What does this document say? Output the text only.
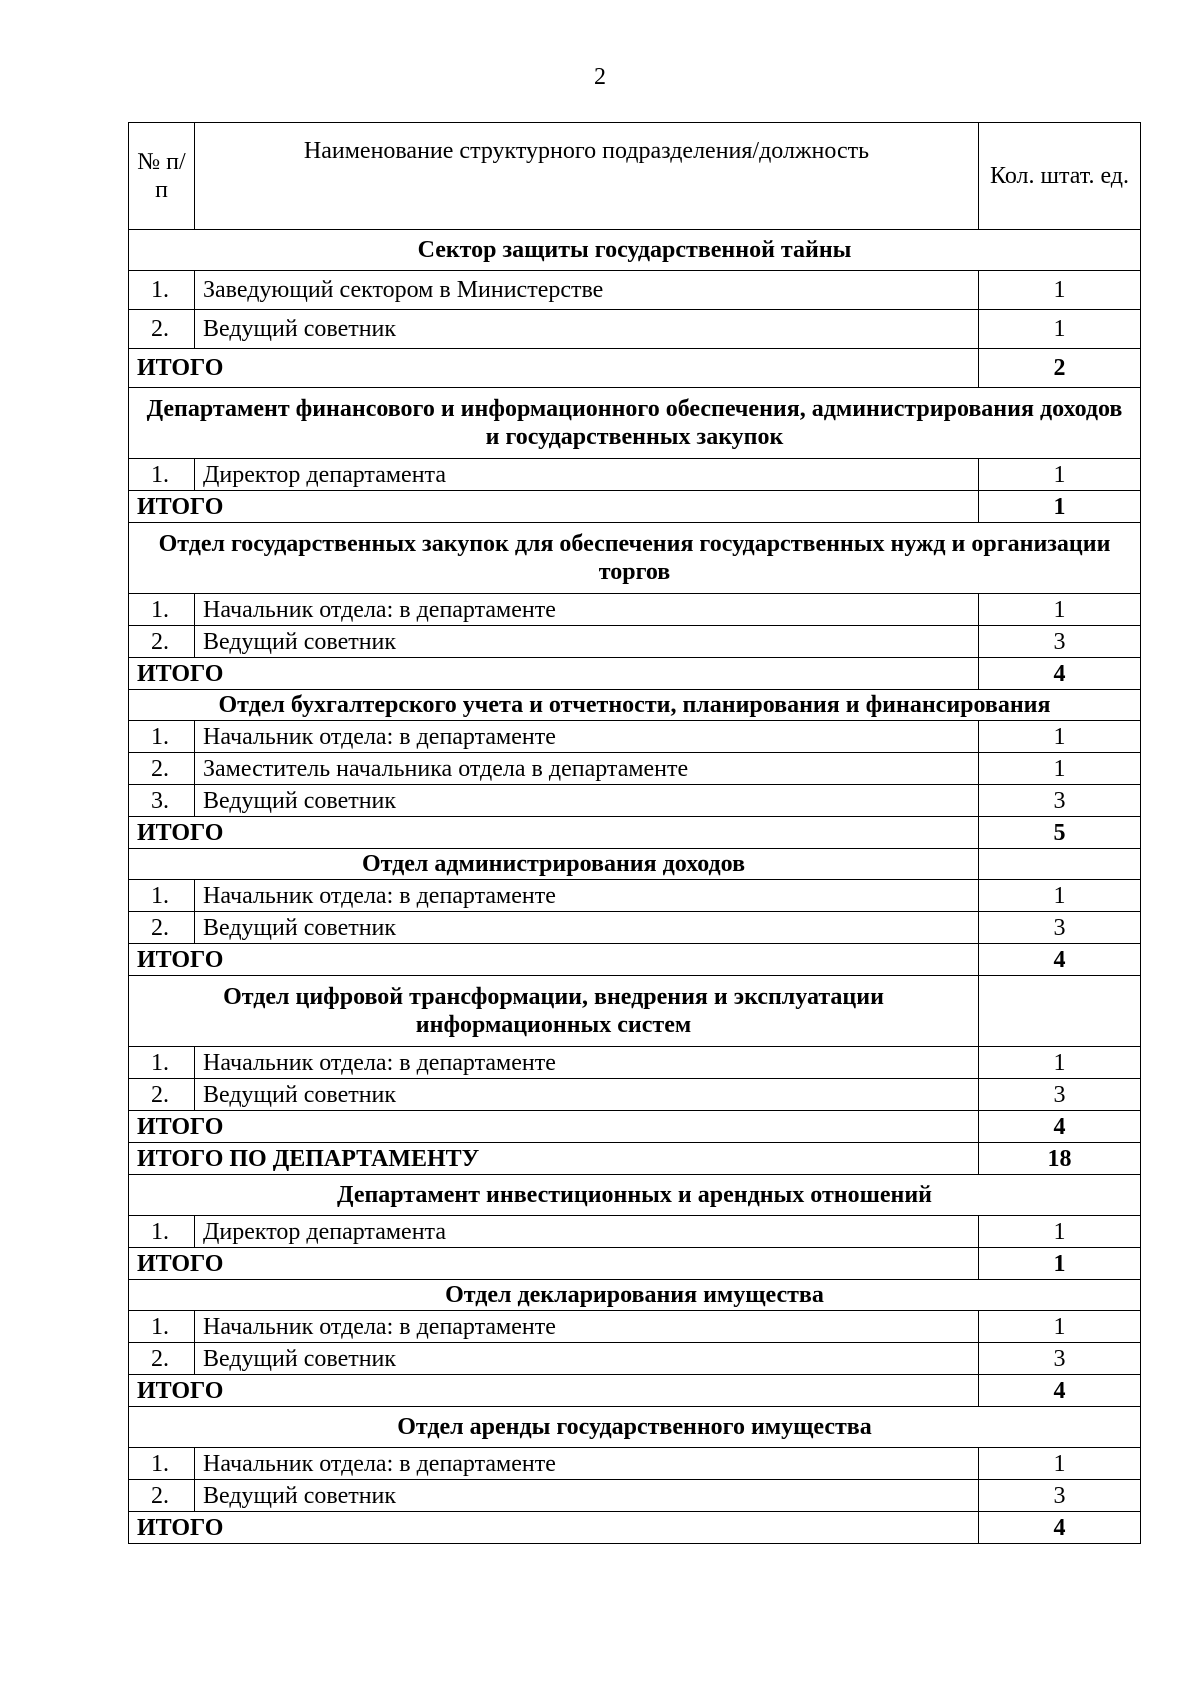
2
№ п/п	Наименование структурного подразделения/должность	Кол. штат. ед.
Сектор защиты государственной тайны		
1.	Заведующий сектором в Министерстве	1
2.	Ведущий советник	1
ИТОГО		2
Департамент финансового и информационного обеспечения, администрирования доходов и государственных закупок		
1.	Директор департамента	1
ИТОГО		1
Отдел государственных закупок для обеспечения государственных нужд и организации торгов		
1.	Начальник отдела: в департаменте	1
2.	Ведущий советник	3
ИТОГО		4
Отдел бухгалтерского учета и отчетности, планирования и финансирования		
1.	Начальник отдела: в департаменте	1
2.	Заместитель начальника отдела в департаменте	1
3.	Ведущий советник	3
ИТОГО		5
Отдел администрирования доходов		
1.	Начальник отдела: в департаменте	1
2.	Ведущий советник	3
ИТОГО		4
Отдел цифровой трансформации, внедрения и эксплуатации информационных систем		
1.	Начальник отдела: в департаменте	1
2.	Ведущий советник	3
ИТОГО		4
ИТОГО ПО ДЕПАРТАМЕНТУ		18
Департамент инвестиционных и арендных отношений		
1.	Директор департамента	1
ИТОГО		1
Отдел декларирования имущества		
1.	Начальник отдела: в департаменте	1
2.	Ведущий советник	3
ИТОГО		4
Отдел аренды государственного имущества		
1.	Начальник отдела: в департаменте	1
2.	Ведущий советник	3
ИТОГО		4
